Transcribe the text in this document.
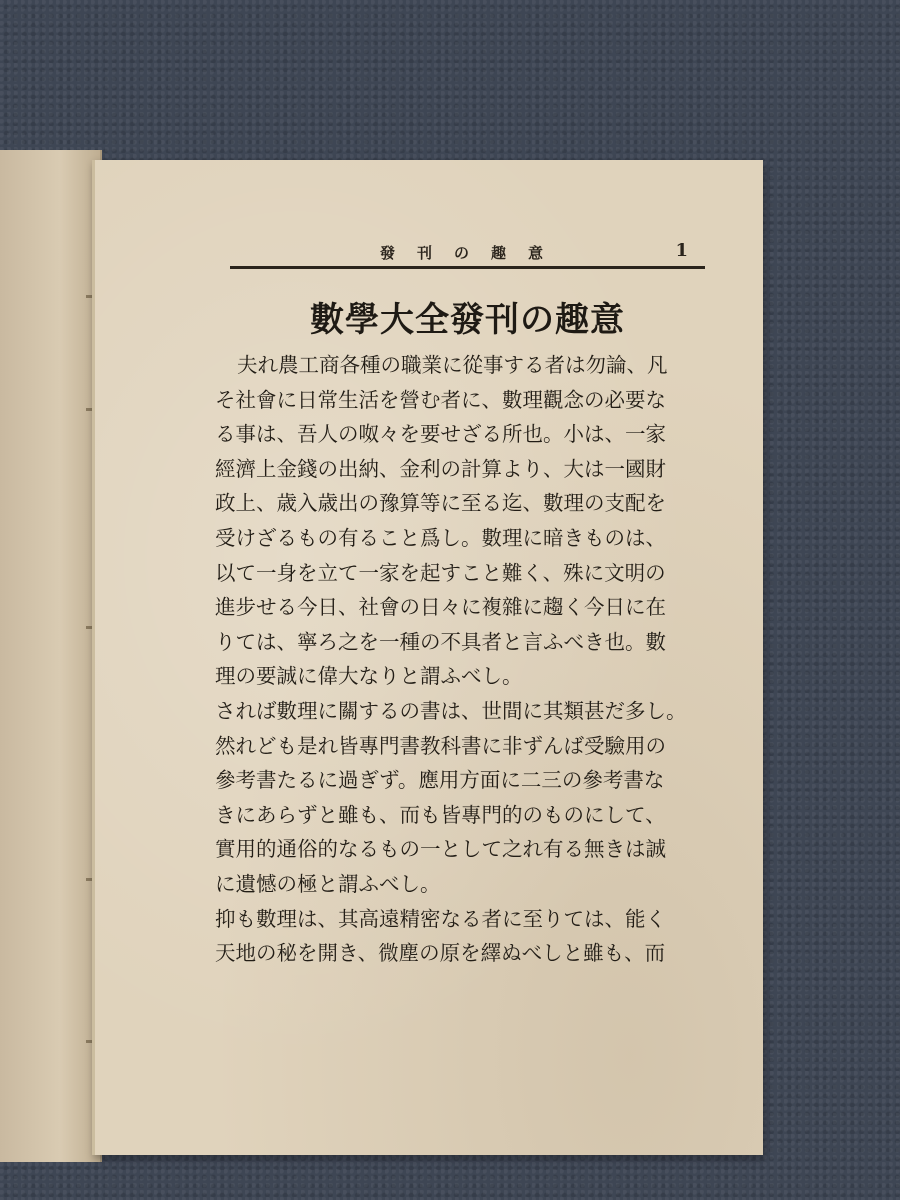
發刊の趣意	1
數學大全發刊の趣意

夫れ農工商各種の職業に從事する者は勿論、凡

そ社會に日常生活を營む者に、數理觀念の必要な

る事は、吾人の呶々を要せざる所也。小は、一家

經濟上金錢の出納、金利の計算より、大は一國財

政上、歳入歳出の豫算等に至る迄、數理の支配を

受けざるもの有ること爲し。數理に暗きものは、

以て一身を立て一家を起すこと難く、殊に文明の

進步せる今日、社會の日々に複雜に趨く今日に在

りては、寧ろ之を一種の不具者と言ふべき也。數

理の要誠に偉大なりと謂ふべし。

されば數理に關するの書は、世間に其類甚だ多し。

然れども是れ皆專門書教科書に非ずんば受驗用の

參考書たるに過ぎず。應用方面に二三の參考書な

きにあらずと雖も、而も皆專門的のものにして、

實用的通俗的なるもの一として之れ有る無きは誠

に遺憾の極と謂ふべし。

抑も數理は、其高遠精密なる者に至りては、能く

天地の秘を開き、微塵の原を繹ぬべしと雖も、而
